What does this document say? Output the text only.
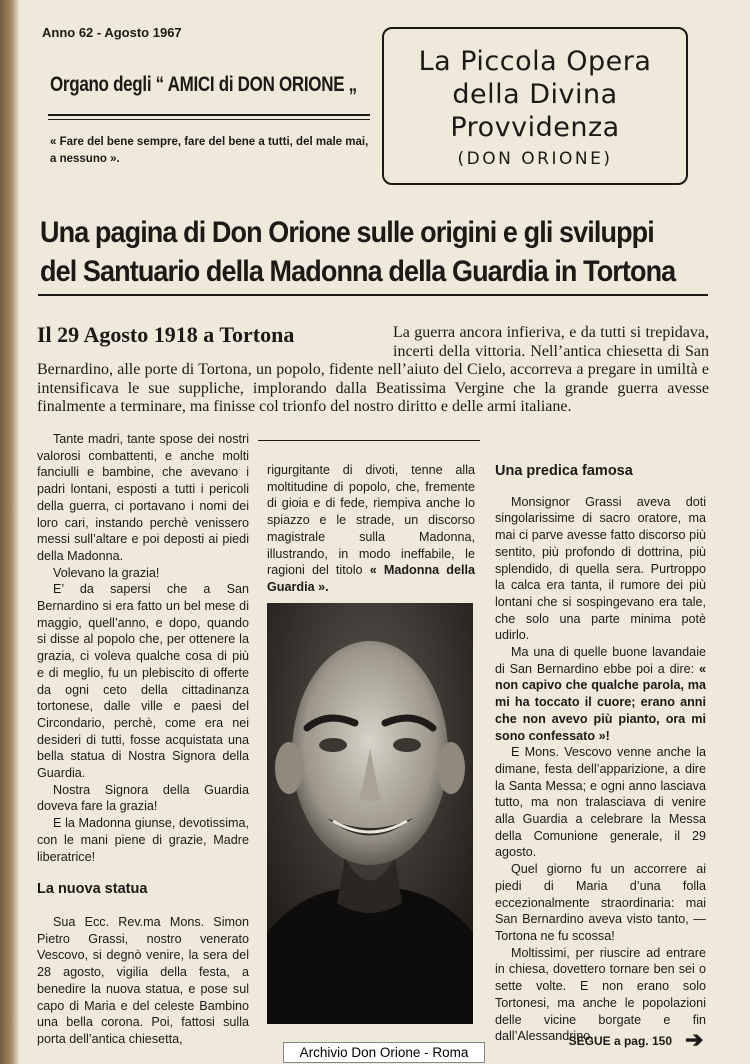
Anno 62 - Agosto 1967
Organo degli “ AMICI di DON ORIONE „
« Fare del bene sempre, fare del bene a tutti, del male mai, a nessuno ».
La Piccola Opera
della Divina
Provvidenza
(DON ORIONE)
Una pagina di Don Orione sulle origini e gli sviluppi
del Santuario della Madonna della Guardia in Tortona
La guerra ancora infieriva, e da tutti si trepidava, incerti della vittoria. Nell’antica chiesetta di San Bernardino, alle porte di Tortona, un popolo, fidente nell’aiuto del Cielo, accorreva a pregare in umiltà e intensificava le sue suppliche, implorando dalla Beatissima Vergine che la grande guerra avesse finalmente a terminare, ma finisse col trionfo del nostro diritto e delle armi italiane.
Il 29 Agosto 1918 a Tortona

Tante madri, tante spose dei nostri valorosi combattenti, e anche molti fanciulli e bambine, che avevano i padri lontani, esposti a tutti i pericoli della guerra, ci portavano i nomi dei loro cari, instando perchè venissero messi sull’altare e poi deposti ai piedi della Madonna.

Volevano la grazia!

E’ da sapersi che a San Bernardino si era fatto un bel mese di maggio, quell’anno, e dopo, quando si disse al popolo che, per ottenere la grazia, ci voleva qualche cosa di più e di meglio, fu un plebiscito di offerte da ogni ceto della cittadinanza tortonese, dalle ville e paesi del Circondario, perchè, come era nei desideri di tutti, fosse acquistata una bella statua di Nostra Signora della Guardia.

Nostra Signora della Guardia doveva fare la grazia!

E la Madonna giunse, devotissima, con le mani piene di grazie, Madre liberatrice!

La nuova statua

Sua Ecc. Rev.ma Mons. Simon Pietro Grassi, nostro venerato Vescovo, si degnò venire, la sera del 28 agosto, vigilia della festa, a benedire la nuova statua, e pose sul capo di Maria e del celeste Bambino una bella corona. Poi, fattosi sulla porta dell’antica chiesetta,

rigurgitante di divoti, tenne alla moltitudine di popolo, che, fremente di gioia e di fede, riempiva anche lo spiazzo e le strade, un discorso magistrale sulla Madonna, illustrando, in modo ineffabile, le ragioni del titolo « Madonna della Guardia ».

Una predica famosa

Monsignor Grassi aveva doti singolarissime di sacro oratore, ma mai ci parve avesse fatto discorso più sentito, più profondo di dottrina, più splendido, di quella sera. Purtroppo la calca era tanta, il rumore dei più lontani che si sospingevano era tale, che solo una parte minima potè udirlo.

Ma una di quelle buone lavandaie di San Bernardino ebbe poi a dire: « non capivo che qualche parola, ma mi ha toccato il cuore; erano anni che non avevo più pianto, ora mi sono confessato »!

E Mons. Vescovo venne anche la dimane, festa dell’apparizione, a dire la Santa Messa; e ogni anno lasciava tutto, ma non tralasciava di venire alla Guardia a celebrare la Messa della Comunione generale, il 29 agosto.

Quel giorno fu un accorrere ai piedi di Maria d’una folla eccezionalmente straordinaria: mai San Bernardino aveva visto tanto, — Tortona ne fu scossa!

Moltissimi, per riuscire ad entrare in chiesa, dovettero tornare ben sei o sette volte. E non erano solo Tortonesi, ma anche le popolazioni delle vicine borgate e fin dall’Alessandrino.

SEGUE a pag. 150 ➔
Archivio Don Orione - Roma
